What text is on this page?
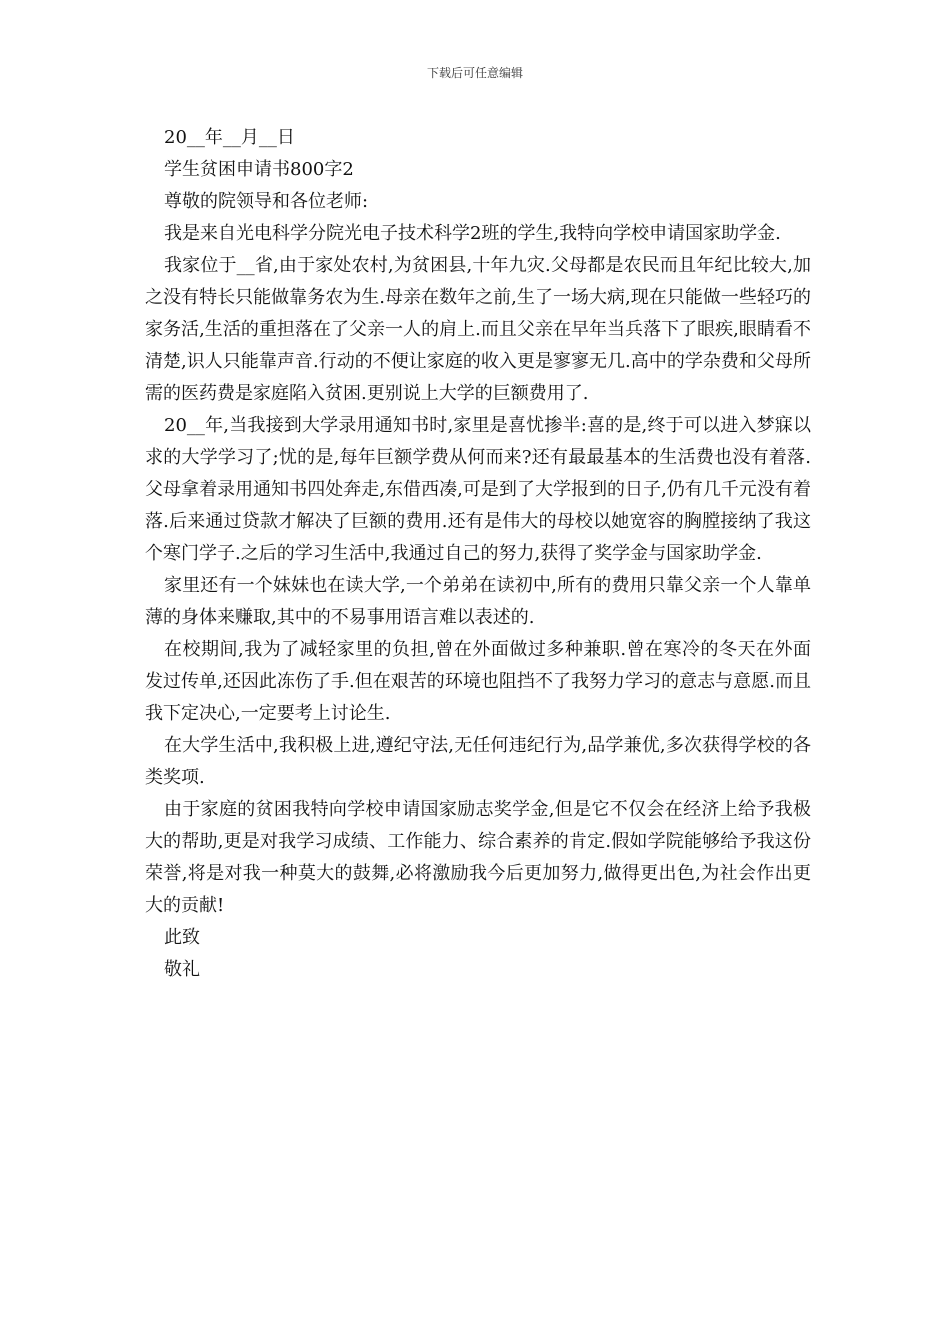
下载后可任意编辑
20__年__月__日
学生贫困申请书800字2
尊敬的院领导和各位老师:

我是来自光电科学分院光电子技术科学2班的学生,我特向学校申请国家助学金.

我家位于__省,由于家处农村,为贫困县,十年九灾.父母都是农民而且年纪比较大,加之没有特长只能做靠务农为生.母亲在数年之前,生了一场大病,现在只能做一些轻巧的家务活,生活的重担落在了父亲一人的肩上.而且父亲在早年当兵落下了眼疾,眼睛看不清楚,识人只能靠声音.行动的不便让家庭的收入更是寥寥无几.高中的学杂费和父母所需的医药费是家庭陷入贫困.更别说上大学的巨额费用了.

20__年,当我接到大学录用通知书时,家里是喜忧掺半:喜的是,终于可以进入梦寐以求的大学学习了;忧的是,每年巨额学费从何而来?还有最最基本的生活费也没有着落.父母拿着录用通知书四处奔走,东借西凑,可是到了大学报到的日子,仍有几千元没有着落.后来通过贷款才解决了巨额的费用.还有是伟大的母校以她宽容的胸膛接纳了我这个寒门学子.之后的学习生活中,我通过自己的努力,获得了奖学金与国家助学金.

家里还有一个妹妹也在读大学,一个弟弟在读初中,所有的费用只靠父亲一个人靠单薄的身体来赚取,其中的不易事用语言难以表述的.

在校期间,我为了减轻家里的负担,曾在外面做过多种兼职.曾在寒冷的冬天在外面发过传单,还因此冻伤了手.但在艰苦的环境也阻挡不了我努力学习的意志与意愿.而且我下定决心,一定要考上讨论生.

在大学生活中,我积极上进,遵纪守法,无任何违纪行为,品学兼优,多次获得学校的各类奖项.

由于家庭的贫困我特向学校申请国家励志奖学金,但是它不仅会在经济上给予我极大的帮助,更是对我学习成绩、工作能力、综合素养的肯定.假如学院能够给予我这份荣誉,将是对我一种莫大的鼓舞,必将激励我今后更加努力,做得更出色,为社会作出更大的贡献!

此致
敬礼
